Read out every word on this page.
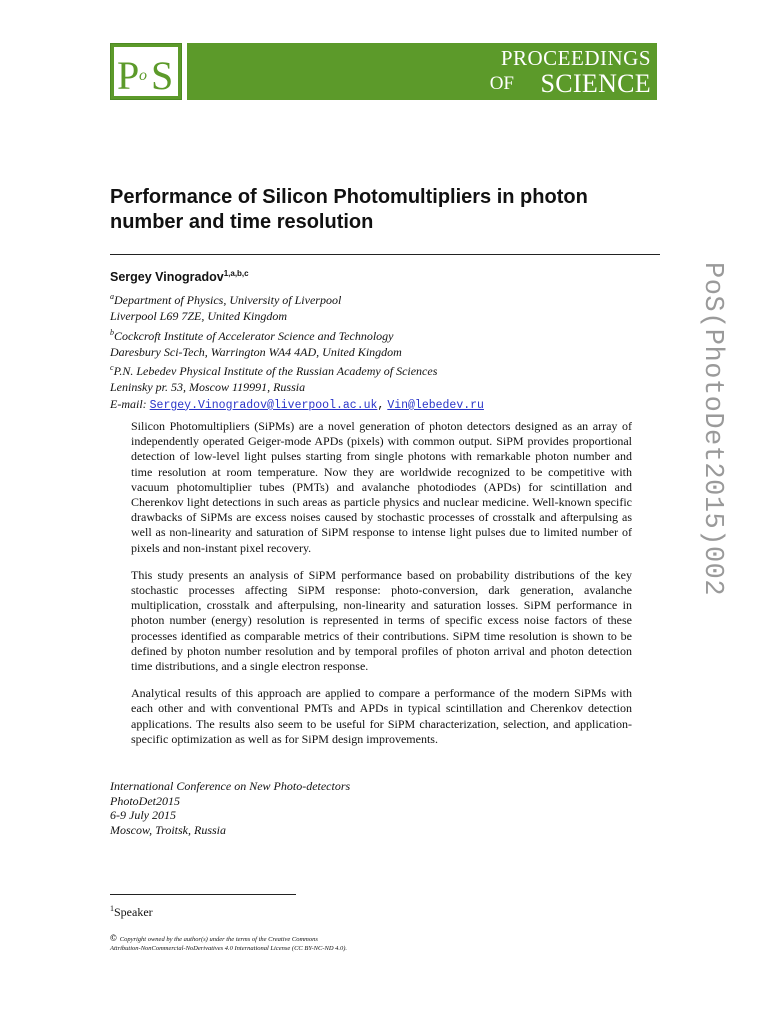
P o S	PROCEEDINGS
OF SCIENCE
Performance of Silicon Photomultipliers in photon number and time resolution
Sergey Vinogradov$^{1,a,b,c}$
$^a$Department of Physics, University of Liverpool
Liverpool L69 7ZE, United Kingdom
$^b$Cockcroft Institute of Accelerator Science and Technology
Daresbury Sci-Tech, Warrington WA4 4AD, United Kingdom
$^c$P.N. Lebedev Physical Institute of the Russian Academy of Sciences
Leninsky pr. 53, Moscow 119991, Russia
E-mail: Sergey.Vinogradov@liverpool.ac.uk, Vin@lebedev.ru

Silicon Photomultipliers (SiPMs) are a novel generation of photon detectors designed as an array of independently operated Geiger-mode APDs (pixels) with common output. SiPM provides proportional detection of low-level light pulses starting from single photons with remarkable photon number and time resolution at room temperature. Now they are worldwide recognized to be competitive with vacuum photomultiplier tubes (PMTs) and avalanche photodiodes (APDs) for scintillation and Cherenkov light detections in such areas as particle physics and nuclear medicine. Well-known specific drawbacks of SiPMs are excess noises caused by stochastic processes of crosstalk and afterpulsing as well as non-linearity and saturation of SiPM response to intense light pulses due to limited number of pixels and non-instant pixel recovery.

This study presents an analysis of SiPM performance based on probability distributions of the key stochastic processes affecting SiPM response: photo-conversion, dark generation, avalanche multiplication, crosstalk and afterpulsing, non-linearity and saturation losses. SiPM performance in photon number (energy) resolution is represented in terms of specific excess noise factors of these processes identified as comparable metrics of their contributions. SiPM time resolution is shown to be defined by photon number resolution and by temporal profiles of photon arrival and photon detection time distributions, and a single electron response.

Analytical results of this approach are applied to compare a performance of the modern SiPMs with each other and with conventional PMTs and APDs in typical scintillation and Cherenkov detection applications. The results also seem to be useful for SiPM characterization, selection, and application-specific optimization as well as for SiPM design improvements.

International Conference on New Photo-detectors
PhotoDet2015
6-9 July 2015
Moscow, Troitsk, Russia
$^1$Speaker
© Copyright owned by the author(s) under the terms of the Creative Commons
Attribution-NonCommercial-NoDerivatives 4.0 International License (CC BY-NC-ND 4.0).
PoS(PhotoDet2015)002
